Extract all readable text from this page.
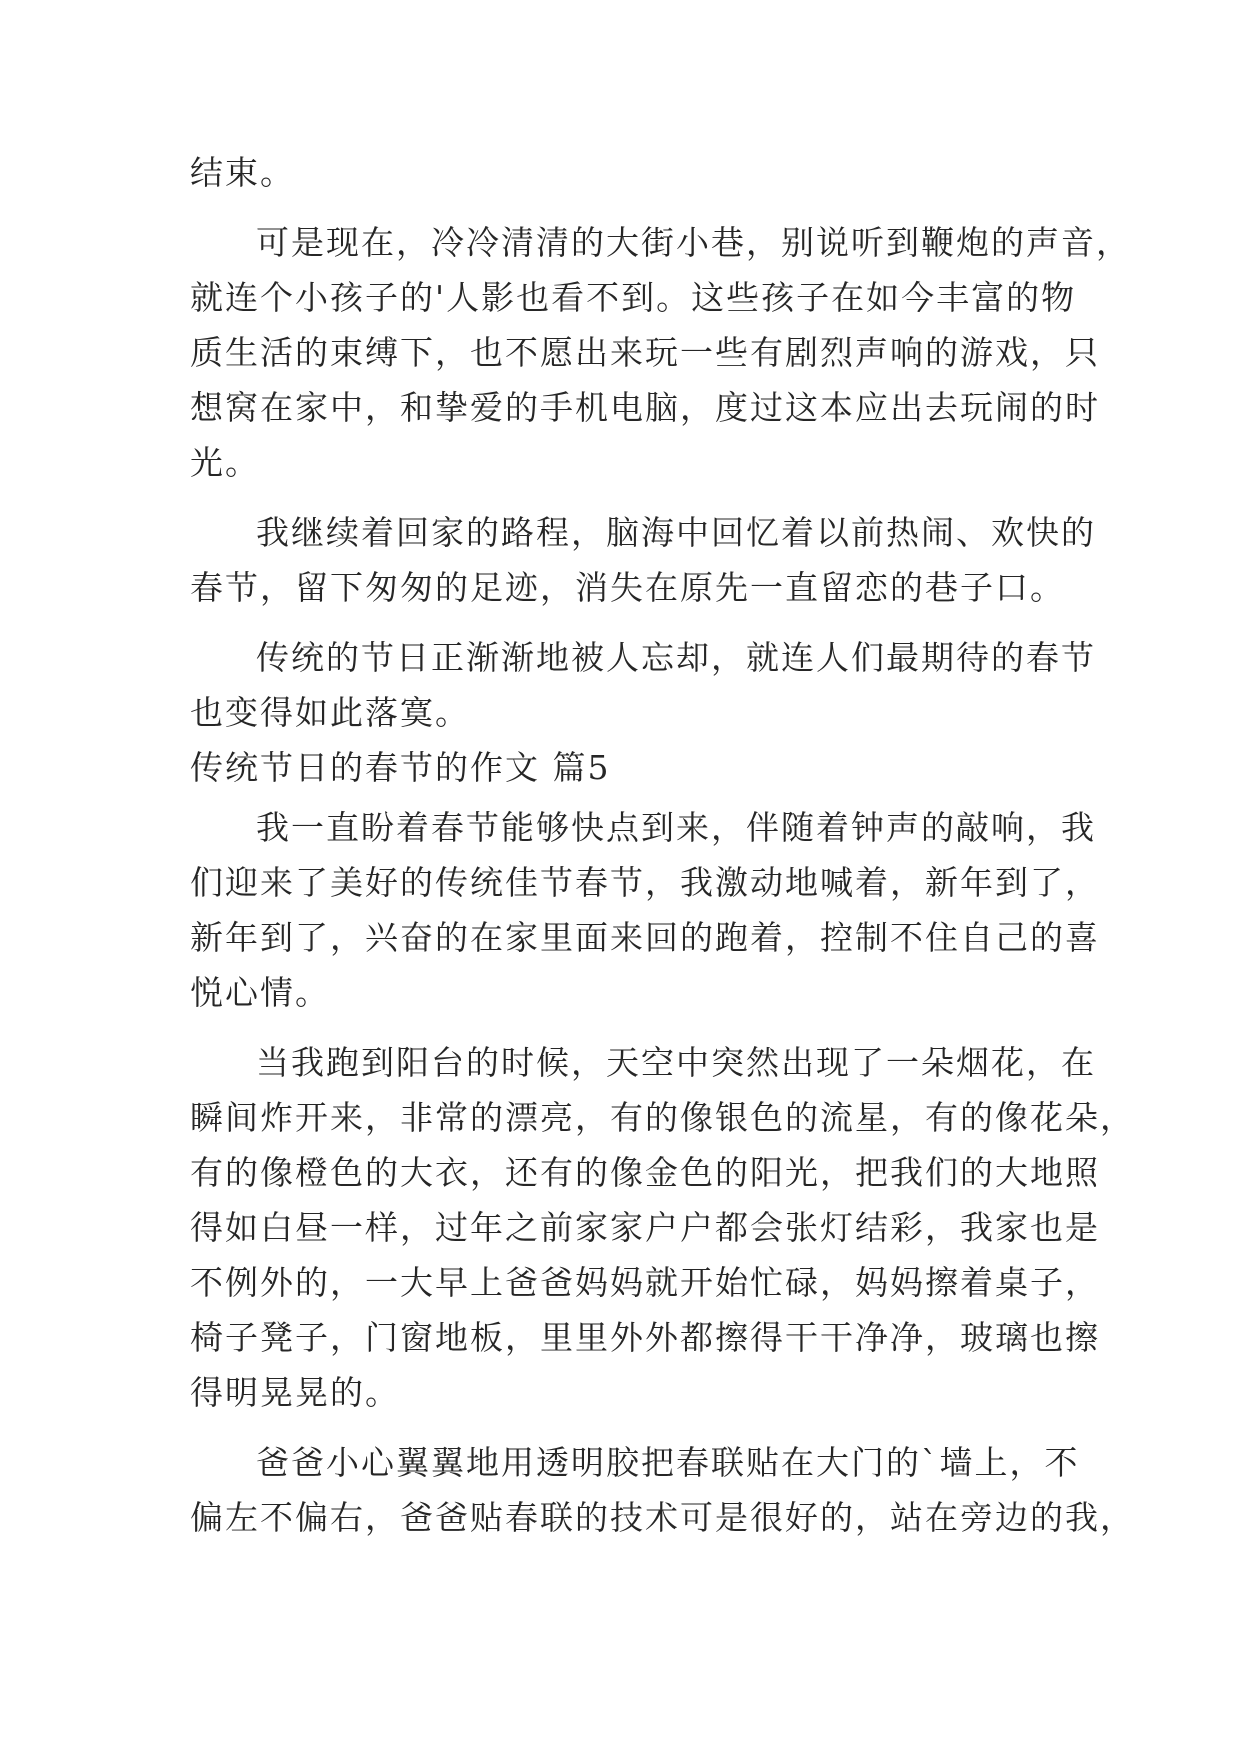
结束。
可是现在，冷冷清清的大街小巷，别说听到鞭炮的声音，
就连个小孩子的'人影也看不到。这些孩子在如今丰富的物
质生活的束缚下，也不愿出来玩一些有剧烈声响的游戏，只
想窝在家中，和挚爱的手机电脑，度过这本应出去玩闹的时
光。
我继续着回家的路程，脑海中回忆着以前热闹、欢快的
春节，留下匆匆的足迹，消失在原先一直留恋的巷子口。
传统的节日正渐渐地被人忘却，就连人们最期待的春节
也变得如此落寞。
传统节日的春节的作文 篇5
我一直盼着春节能够快点到来，伴随着钟声的敲响，我
们迎来了美好的传统佳节春节，我激动地喊着，新年到了，
新年到了，兴奋的在家里面来回的跑着，控制不住自己的喜
悦心情。
当我跑到阳台的时候，天空中突然出现了一朵烟花，在
瞬间炸开来，非常的漂亮，有的像银色的流星，有的像花朵，
有的像橙色的大衣，还有的像金色的阳光，把我们的大地照
得如白昼一样，过年之前家家户户都会张灯结彩，我家也是
不例外的，一大早上爸爸妈妈就开始忙碌，妈妈擦着桌子，
椅子凳子，门窗地板，里里外外都擦得干干净净，玻璃也擦
得明晃晃的。
爸爸小心翼翼地用透明胶把春联贴在大门的`墙上，不
偏左不偏右，爸爸贴春联的技术可是很好的，站在旁边的我，
